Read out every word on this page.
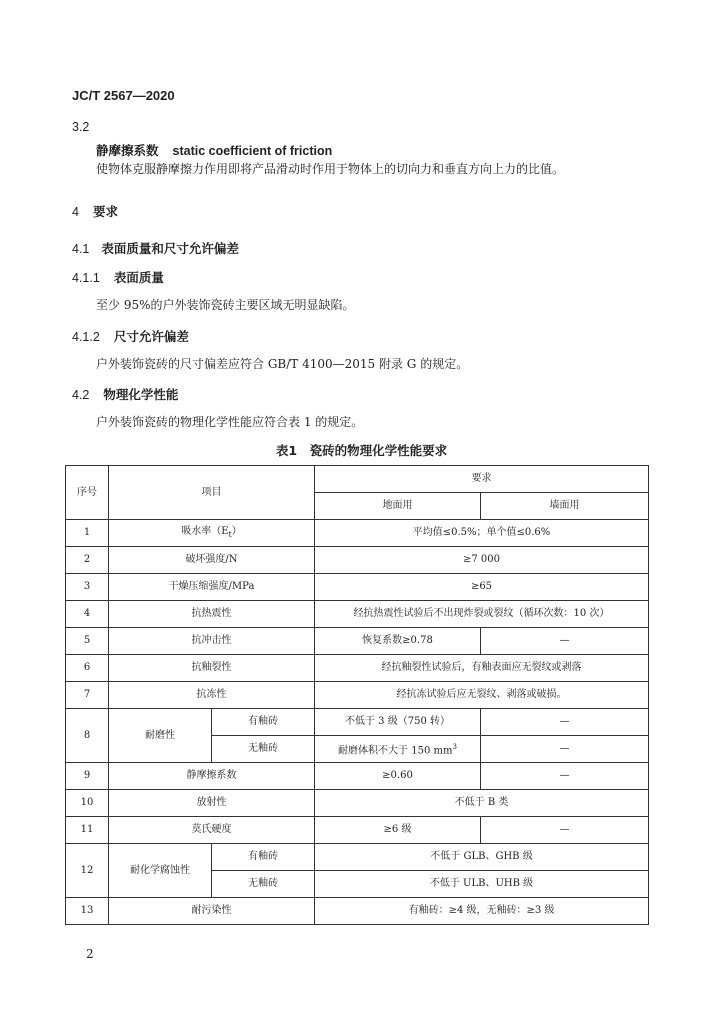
JC/T 2567—2020
3.2
静摩擦系数 static coefficient of friction
使物体克服静摩擦力作用即将产品滑动时作用于物体上的切向力和垂直方向上力的比值。
4 要求
4.1 表面质量和尺寸允许偏差
4.1.1 表面质量
至少 95%的户外装饰瓷砖主要区域无明显缺陷。
4.1.2 尺寸允许偏差
户外装饰瓷砖的尺寸偏差应符合 GB/T 4100—2015 附录 G 的规定。
4.2 物理化学性能
户外装饰瓷砖的物理化学性能应符合表 1 的规定。
表1　瓷砖的物理化学性能要求
序号	项目		要求	
			地面用	墙面用
1	吸水率$(E_t)$		平均值≤0.5%；单个值≤0.6%	
2	破坏强度/N		≥7 000	
3	干燥压缩强度/MPa		≥65	
4	抗热震性		经抗热震性试验后不出现炸裂或裂纹（循环次数：10 次）	
5	抗冲击性		恢复系数≥0.78	—
6	抗釉裂性		经抗釉裂性试验后，有釉表面应无裂纹或剥落	
7	抗冻性		经抗冻试验后应无裂纹、剥落或破损。	
8	耐磨性	有釉砖	不低于 3 级（750 转）	—
		无釉砖	耐磨体积不大于 150 $mm^3$	—
9	静摩擦系数		≥0.60	—
10	放射性		不低于 B 类	
11	莫氏硬度		≥6 级	—
12	耐化学腐蚀性	有釉砖	不低于 GLB、GHB 级	
		无釉砖	不低于 ULB、UHB 级	
13	耐污染性		有釉砖：≥4 级，无釉砖：≥3 级	
2
